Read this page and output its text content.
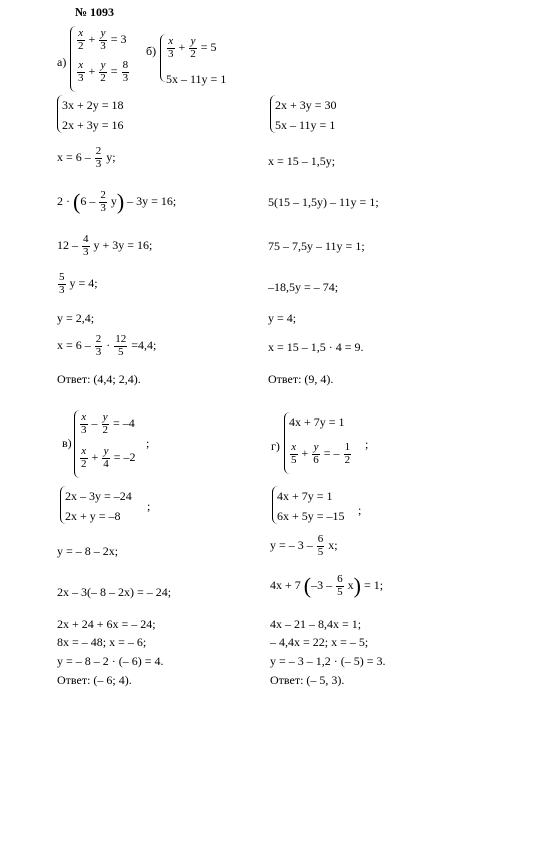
№ 1093
а)
$\frac{x}{2} + \frac{y}{3} = 3$
$\frac{x}{3} + \frac{y}{2} = \frac{8}{3}$
3x + 2y = 18
2x + 3y = 16
$x = 6 - \frac{2}{3} y$;
$2 \cdot (6 - \frac{2}{3} y) - 3y = 16$;
$12 - \frac{4}{3}$ y + 3y = 16;
$\frac{5}{3}$ y = 4;
y = 2,4;
$x = 6 - \frac{2}{3} \cdot \frac{12}{5} =4,4$;
Ответ: (4,4; 2,4).
$б) \frac{x}{3} + \frac{y}{2} = 5$
5x – 11y = 1
2x + 3y = 30
5x – 11y = 1
x = 15 – 1,5y;
5(15 – 1,5y) – 11y = 1;
75 – 7,5y – 11y = 1;
–18,5y = – 74;
y = 4;
x = 15 – 1,5 · 4 = 9.
Ответ: (9, 4).
в)
$\frac{x}{3} - \frac{y}{2} = -4$
$\frac{x}{2} + \frac{y}{4} = -2$
;
2x – 3y = –24
2x + y = –8
;
y = – 8 – 2x;
2x – 3(– 8 – 2x) = – 24;
2x + 24 + 6x = – 24;
8x = – 48; x = – 6;
y = – 8 – 2 · (– 6) = 4.
Ответ: (– 6; 4).
г)
4x + 7y = 1
$\frac{x}{5} + \frac{y}{6}$ = – $\frac{1}{2}$ ;
4x + 7y = 1
6x + 5y = –15 ;
y = – $3 - \frac{6}{5} x$;
4x + 7 $(-3 - \frac{6}{5} x) = 1$;
4x – 21 – 8,4x = 1;
– 4,4x = 22; x = – 5;
y = – 3 – 1,2 · (– 5) = 3.
Ответ: (– 5, 3).
